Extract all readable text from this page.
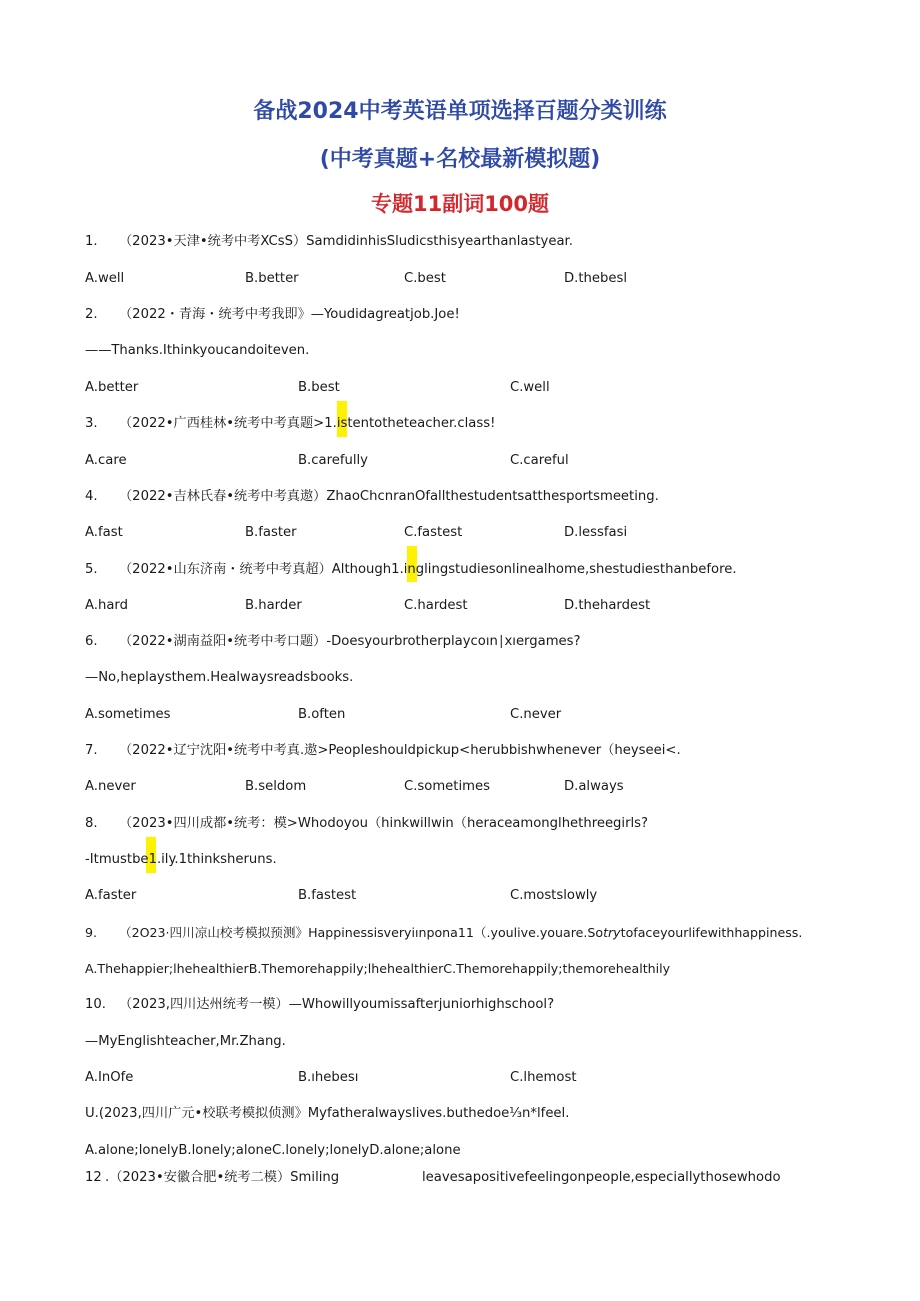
备战2024中考英语单项选择百题分类训练
(中考真题+名校最新模拟题)
专题11副词100题
1. （2023•天津•统考中考XCsS）SamdidinhisSludicsthisyearthanlastyear.
A.well	B.better	C.best	D.thebesl
2. （2022・青海・统考中考我即》—Youdidagreatjob.Joe!
——Thanks.Ithinkyoucandoiteven.
A.better	B.best	C.well
3. （2022•广西桂林•统考中考真题>1.istentotheteacher.class!
A.care	B.carefully	C.careful
4. （2022•吉林氏春•统考中考真遨）ZhaoChcnranOfallthestudentsatthesportsmeeting.
A.fast	B.faster	C.fastest	D.lessfasi
5. （2022•山东济南・统考中考真超）Although1.inglingstudiesonlinealhome,shestudiesthanbefore.
A.hard	B.harder	C.hardest	D.thehardest
6. （2022•湖南益阳•统考中考口题）-Doesyourbrotherplaycoın∣xıergames?
—No,heplaysthem.Healwaysreadsbooks.
A.sometimes	B.often	C.never
7. （2022•辽宁沈阳•统考中考真.遨>Peopleshouldpickup<herubbishwhenever（heyseei<.
A.never	B.seldom	C.sometimes	D.always
8. （2023•四川成都•统考：模>Whodoyou（hinkwillwin（heraceamonglhethreegirls?
-Itmustbe1.ily.1thinksheruns.
A.faster	B.fastest	C.mostslowly
9. （2O23·四川凉山校考模拟预测》Happinessisveryiınpona11（.youlive.youare.Sotrytofaceyourlifewithhappiness.
A.Thehappier;lhehealthierB.Themorehappily;lhehealthierC.Themorehappily;themorehealthily
10. （2023,四川达州统考一模）—Whowillyoumissafterjuniorhighschool?
—MyEnglishteacher,Mr.Zhang.
A.InOfe	B.ıhebesı	C.lhemost
U.(2023,四川广元•校联考模拟侦测》Myfatheralwayslives.buthedoe⅓n*lfeel.
A.alone;lonelyB.lonely;aloneC.lonely;lonelyD.alone;alone
12 .（2023•安徽合肥•统考二模）Smiling	leavesapositivefeelingonpeople,especiallythosewhodo
